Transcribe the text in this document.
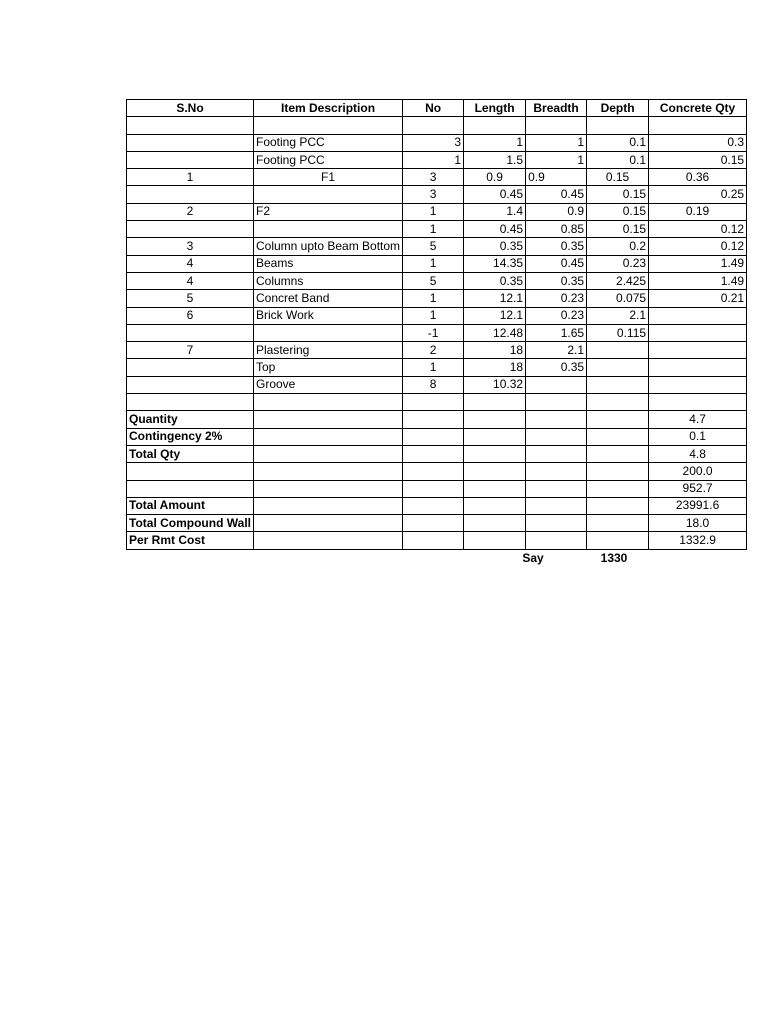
S.No	Item Description	No	Length	Breadth	Depth	Concrete Qty

	Footing PCC	3	1	1	0.1	0.3
	Footing PCC	1	1.5	1	0.1	0.15
1	F1	3	0.9	0.9	0.15	0.36
		3	0.45	0.45	0.15	0.25
2	F2	1	1.4	0.9	0.15	0.19
		1	0.45	0.85	0.15	0.12
3	Column upto Beam Bottom	5	0.35	0.35	0.2	0.12
4	Beams	1	14.35	0.45	0.23	1.49
4	Columns	5	0.35	0.35	2.425	1.49
5	Concret Band	1	12.1	0.23	0.075	0.21
6	Brick Work	1	12.1	0.23	2.1	
		-1	12.48	1.65	0.115	
7	Plastering	2	18	2.1		
	Top	1	18	0.35		
	Groove	8	10.32			

Quantity						4.7
Contingency 2%						0.1
Total Qty						4.8
						200.0
						952.7
Total Amount						23991.6
Total Compound Wall						18.0
Per Rmt Cost						1332.9
Say	1330
